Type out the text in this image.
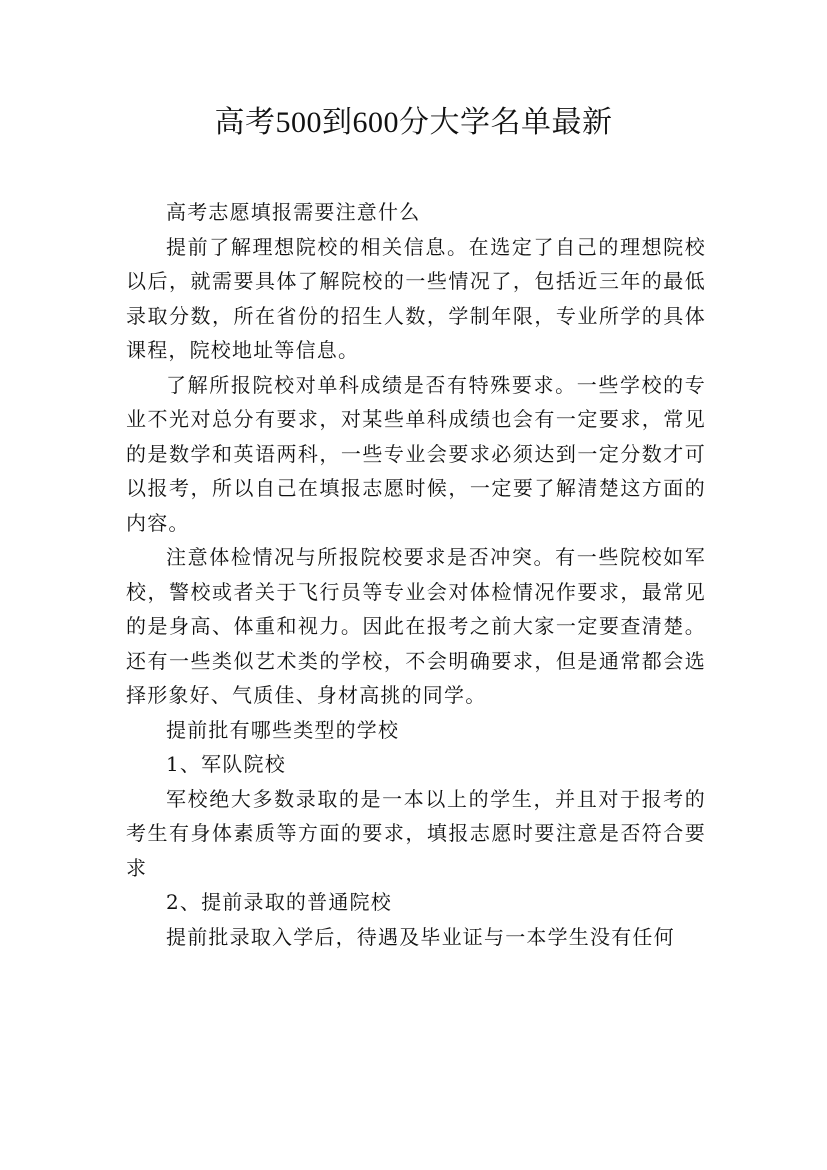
高考500到600分大学名单最新

高考志愿填报需要注意什么

提前了解理想院校的相关信息。在选定了自己的理想院校以后，就需要具体了解院校的一些情况了，包括近三年的最低录取分数，所在省份的招生人数，学制年限，专业所学的具体课程，院校地址等信息。

了解所报院校对单科成绩是否有特殊要求。一些学校的专业不光对总分有要求，对某些单科成绩也会有一定要求，常见的是数学和英语两科，一些专业会要求必须达到一定分数才可以报考，所以自己在填报志愿时候，一定要了解清楚这方面的内容。

注意体检情况与所报院校要求是否冲突。有一些院校如军校，警校或者关于飞行员等专业会对体检情况作要求，最常见的是身高、体重和视力。因此在报考之前大家一定要查清楚。还有一些类似艺术类的学校，不会明确要求，但是通常都会选择形象好、气质佳、身材高挑的同学。

提前批有哪些类型的学校

1、军队院校

军校绝大多数录取的是一本以上的学生，并且对于报考的考生有身体素质等方面的要求，填报志愿时要注意是否符合要求

2、提前录取的普通院校

提前批录取入学后，待遇及毕业证与一本学生没有任何
